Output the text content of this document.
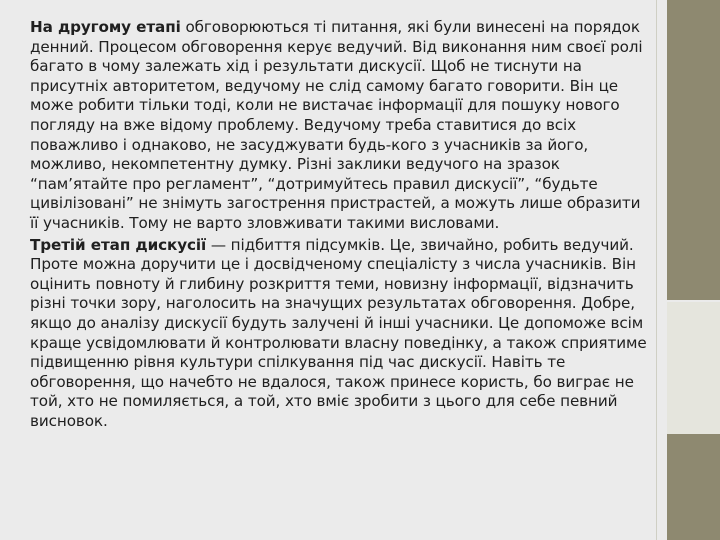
На другому етапі обговорюються ті питання, які були винесені на порядок денний. Процесом обговорення керує ведучий. Від виконання ним своєї ролі багато в чому залежать хід і результати дискусії. Щоб не тиснути на присутніх авторитетом, ведучому не слід самому багато говорити. Він це може робити тільки тоді, коли не вистачає інформації для пошуку нового погляду на вже відому проблему. Ведучому треба ставитися до всіх поважливо і однаково, не засуджувати будь-кого з учасників за його, можливо, некомпетентну думку. Різні заклики ведучого на зразок “пам’ятайте про регламент”, “дотримуйтесь правил дискусії”, “будьте цивілізовані” не знімуть загострення пристрастей, а можуть лише образити її учасників. Тому не варто зловживати такими висловами.

Третій етап дискусії — підбиття підсумків. Це, звичайно, робить ведучий. Проте можна доручити це і досвідченому спеціалісту з числа учасників. Він оцінить повноту й глибину розкриття теми, новизну інформації, відзначить різні точки зору, наголосить на значущих результатах обговорення. Добре, якщо до аналізу дискусії будуть залучені й інші учасники. Це допоможе всім краще усвідомлювати й контролювати власну поведінку, а також сприятиме підвищенню рівня культури спілкування під час дискусії. Навіть те обговорення, що начебто не вдалося, також принесе користь, бо виграє не той, хто не помиляється, а той, хто вміє зробити з цього для себе певний висновок.
